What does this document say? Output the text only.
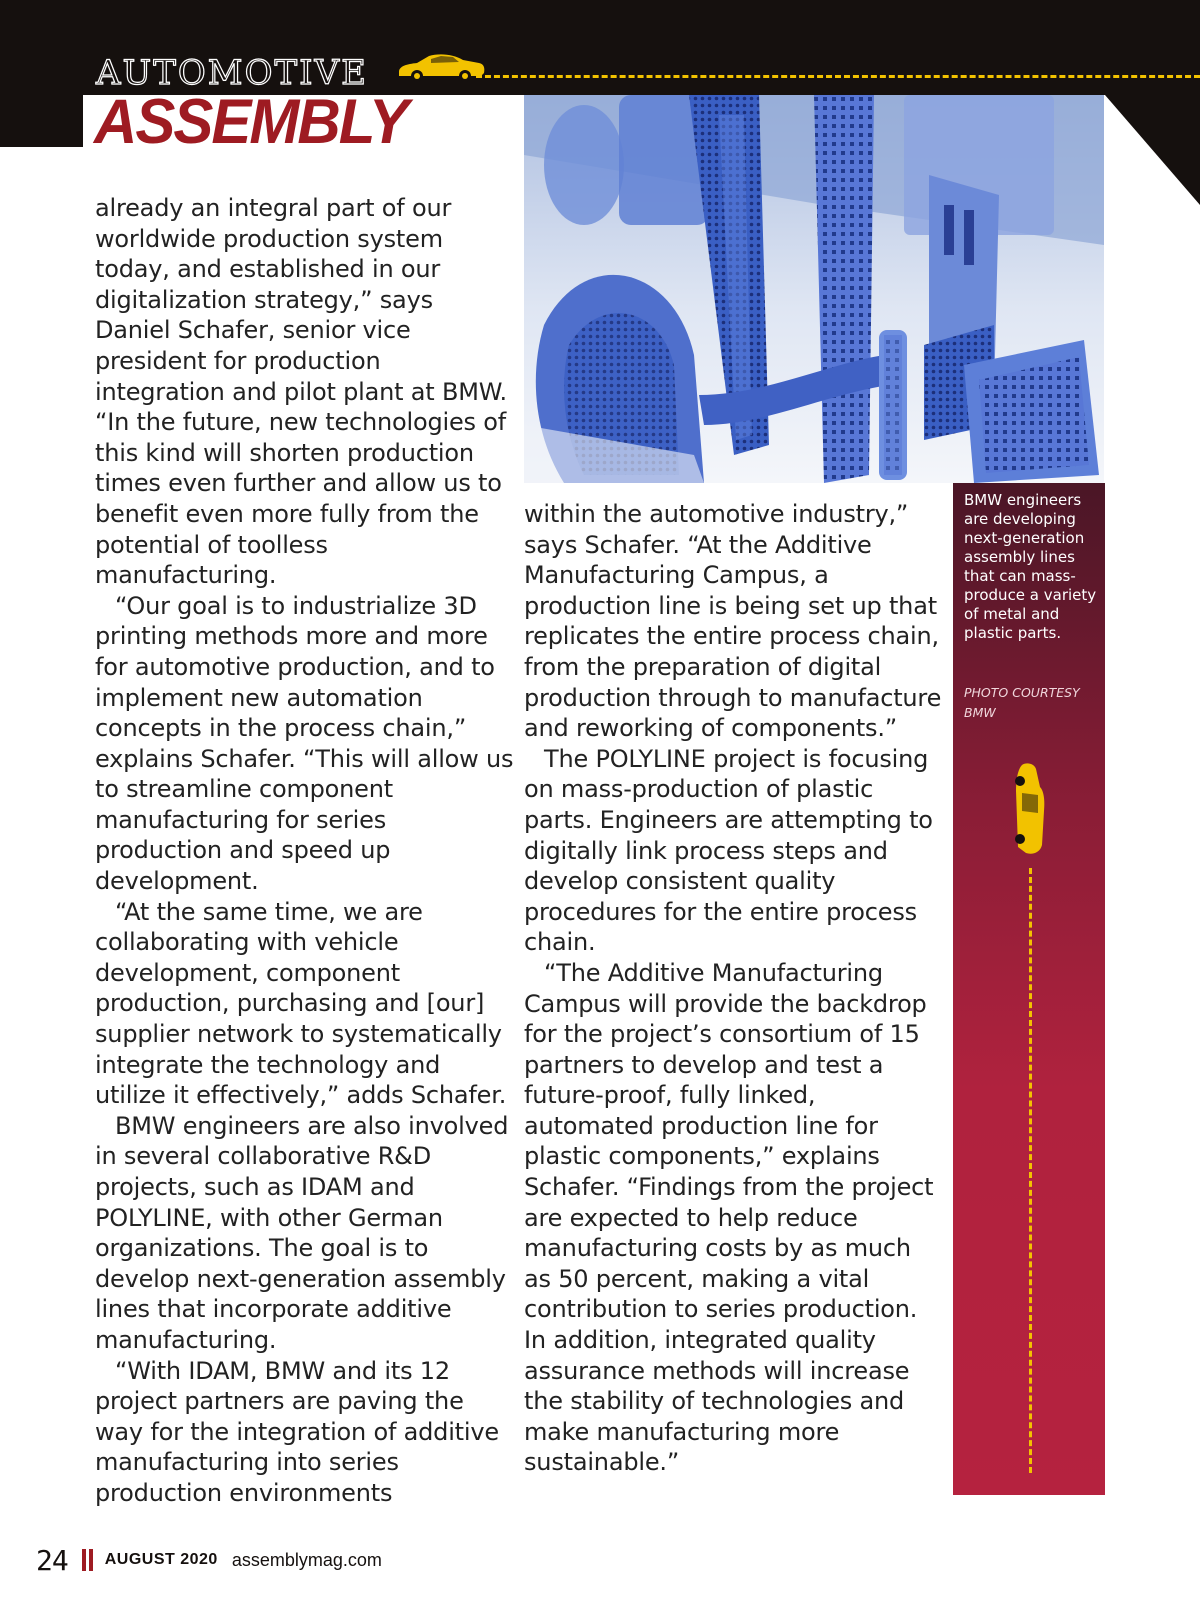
AUTOMOTIVE
ASSEMBLY
BMW engineers are developing next-generation assembly lines that can mass-produce a variety of metal and plastic parts.
PHOTO COURTESY
BMW

already an integral part of our worldwide production system today, and established in our digitalization strategy,” says Daniel Schafer, senior vice president for production integration and pilot plant at BMW. “In the future, new technologies of this kind will shorten production times even further and allow us to benefit even more fully from the potential of toolless manufacturing.

“Our goal is to industrialize 3D printing methods more and more for automotive production, and to implement new automation concepts in the process chain,” explains Schafer. “This will allow us to streamline component manufacturing for series production and speed up development.

“At the same time, we are collaborating with vehicle development, component production, purchasing and [our] supplier network to systematically integrate the technology and utilize it effectively,” adds Schafer.

BMW engineers are also involved in several collaborative R&D projects, such as IDAM and POLYLINE, with other German organizations. The goal is to develop next-generation assembly lines that incorporate additive manufacturing.

“With IDAM, BMW and its 12 project partners are paving the way for the integration of additive manufacturing into series production environments

within the automotive industry,” says Schafer. “At the Additive Manufacturing Campus, a production line is being set up that replicates the entire process chain, from the preparation of digital production through to manufacture and reworking of components.”

The POLYLINE project is focusing on mass-production of plastic parts. Engineers are attempting to digitally link process steps and develop consistent quality procedures for the entire process chain.

“The Additive Manufacturing Campus will provide the backdrop for the project’s consortium of 15 partners to develop and test a future-proof, fully linked, automated production line for plastic components,” explains Schafer. “Findings from the project are expected to help reduce manufacturing costs by as much as 50 percent, making a vital contribution to series production. In addition, integrated quality assurance methods will increase the stability of technologies and make manufacturing more sustainable.”

24 AUGUST 2020 assemblymag.com
